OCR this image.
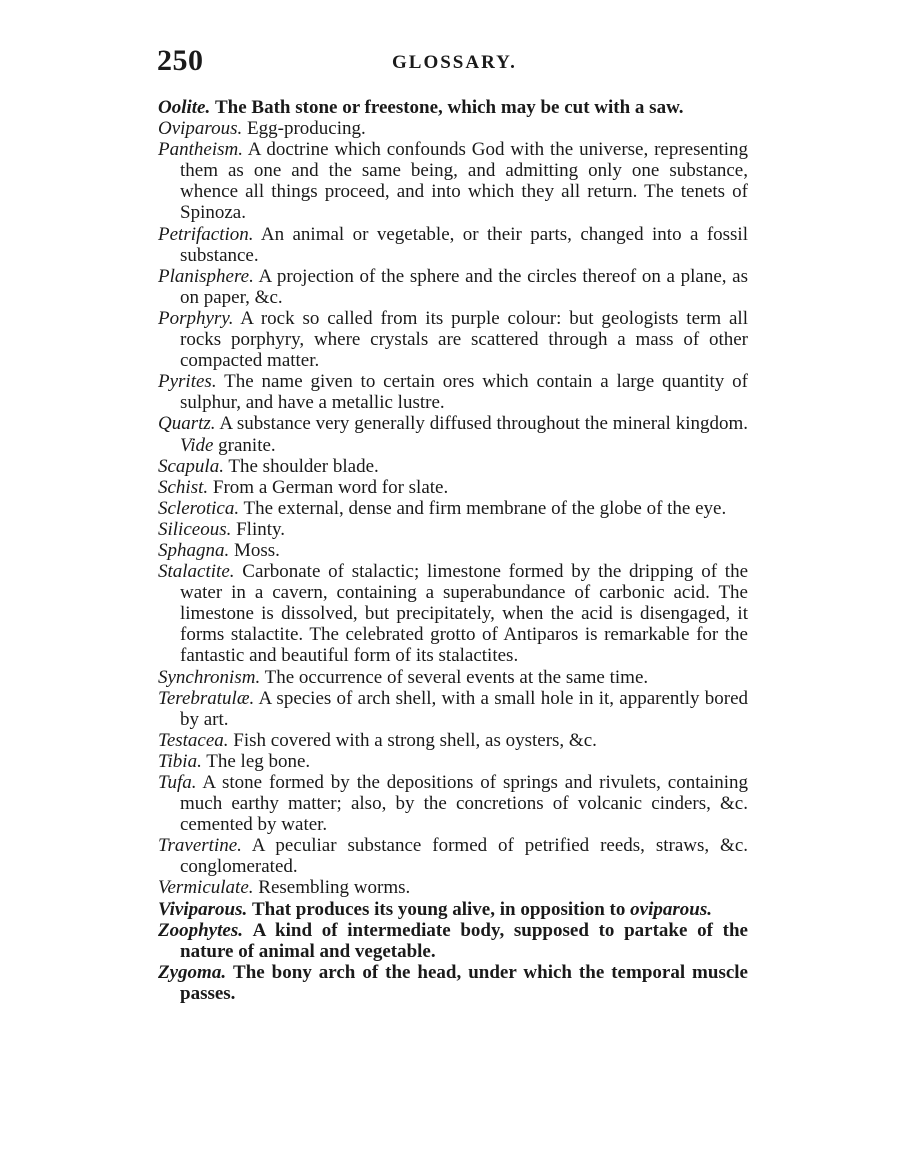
250	GLOSSARY.

Oolite. The Bath stone or freestone, which may be cut with a saw.

Oviparous. Egg-producing.

Pantheism. A doctrine which confounds God with the universe, representing them as one and the same being, and admitting only one substance, whence all things proceed, and into which they all return. The tenets of Spinoza.

Petrifaction. An animal or vegetable, or their parts, changed into a fossil substance.

Planisphere. A projection of the sphere and the circles thereof on a plane, as on paper, &c.

Porphyry. A rock so called from its purple colour: but geologists term all rocks porphyry, where crystals are scattered through a mass of other compacted matter.

Pyrites. The name given to certain ores which contain a large quantity of sulphur, and have a metallic lustre.

Quartz. A substance very generally diffused throughout the mineral kingdom. Vide granite.

Scapula. The shoulder blade.

Schist. From a German word for slate.

Sclerotica. The external, dense and firm membrane of the globe of the eye.

Siliceous. Flinty.

Sphagna. Moss.

Stalactite. Carbonate of stalactic; limestone formed by the dripping of the water in a cavern, containing a superabundance of carbonic acid. The limestone is dissolved, but precipitately, when the acid is disengaged, it forms stalactite. The celebrated grotto of Antiparos is remarkable for the fantastic and beautiful form of its stalactites.

Synchronism. The occurrence of several events at the same time.

Terebratulæ. A species of arch shell, with a small hole in it, apparently bored by art.

Testacea. Fish covered with a strong shell, as oysters, &c.

Tibia. The leg bone.

Tufa. A stone formed by the depositions of springs and rivulets, containing much earthy matter; also, by the concretions of volcanic cinders, &c. cemented by water.

Travertine. A peculiar substance formed of petrified reeds, straws, &c. conglomerated.

Vermiculate. Resembling worms.

Viviparous. That produces its young alive, in opposition to oviparous.

Zoophytes. A kind of intermediate body, supposed to partake of the nature of animal and vegetable.

Zygoma. The bony arch of the head, under which the temporal muscle passes.
